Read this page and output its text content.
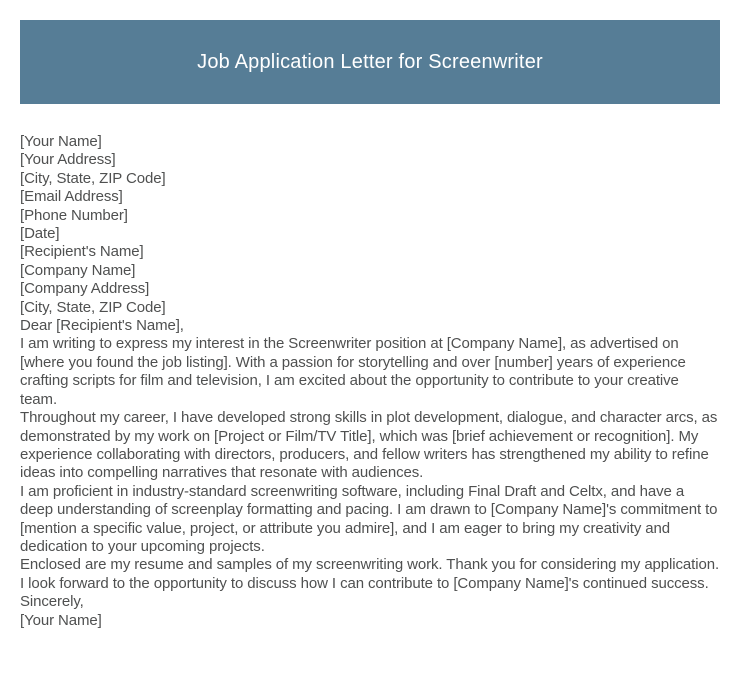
Job Application Letter for Screenwriter
[Your Name]
[Your Address]
[City, State, ZIP Code]
[Email Address]
[Phone Number]
[Date]
[Recipient's Name]
[Company Name]
[Company Address]
[City, State, ZIP Code]
Dear [Recipient's Name],
I am writing to express my interest in the Screenwriter position at [Company Name], as advertised on [where you found the job listing]. With a passion for storytelling and over [number] years of experience crafting scripts for film and television, I am excited about the opportunity to contribute to your creative team.
Throughout my career, I have developed strong skills in plot development, dialogue, and character arcs, as demonstrated by my work on [Project or Film/TV Title], which was [brief achievement or recognition]. My experience collaborating with directors, producers, and fellow writers has strengthened my ability to refine ideas into compelling narratives that resonate with audiences.
I am proficient in industry-standard screenwriting software, including Final Draft and Celtx, and have a deep understanding of screenplay formatting and pacing. I am drawn to [Company Name]'s commitment to [mention a specific value, project, or attribute you admire], and I am eager to bring my creativity and dedication to your upcoming projects.
Enclosed are my resume and samples of my screenwriting work. Thank you for considering my application. I look forward to the opportunity to discuss how I can contribute to [Company Name]'s continued success.
Sincerely,
[Your Name]
